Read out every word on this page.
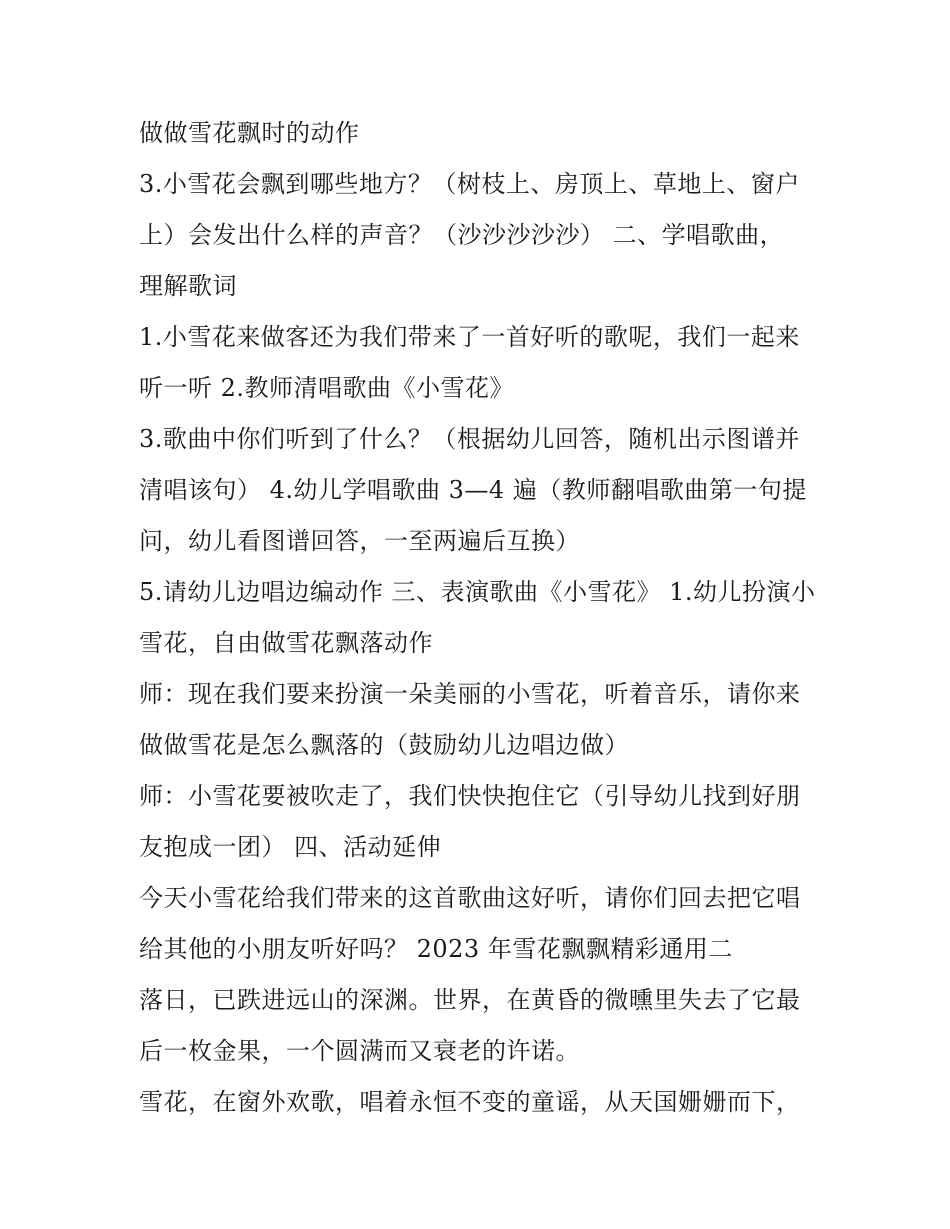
做做雪花飘时的动作
3.小雪花会飘到哪些地方？（树枝上、房顶上、草地上、窗户
上）会发出什么样的声音？（沙沙沙沙沙） 二、学唱歌曲，
理解歌词
1.小雪花来做客还为我们带来了一首好听的歌呢，我们一起来
听一听 2.教师清唱歌曲《小雪花》
3.歌曲中你们听到了什么？（根据幼儿回答，随机出示图谱并
清唱该句） 4.幼儿学唱歌曲 3—4 遍（教师翻唱歌曲第一句提
问，幼儿看图谱回答，一至两遍后互换）
5.请幼儿边唱边编动作 三、表演歌曲《小雪花》 1.幼儿扮演小
雪花，自由做雪花飘落动作
师：现在我们要来扮演一朵美丽的小雪花，听着音乐，请你来
做做雪花是怎么飘落的（鼓励幼儿边唱边做）
师：小雪花要被吹走了，我们快快抱住它（引导幼儿找到好朋
友抱成一团） 四、活动延伸
今天小雪花给我们带来的这首歌曲这好听，请你们回去把它唱
给其他的小朋友听好吗？ 2023 年雪花飘飘精彩通用二
落日，已跌进远山的深渊。世界，在黄昏的微曛里失去了它最
后一枚金果，一个圆满而又衰老的许诺。
雪花，在窗外欢歌，唱着永恒不变的童谣，从天国姗姗而下，
